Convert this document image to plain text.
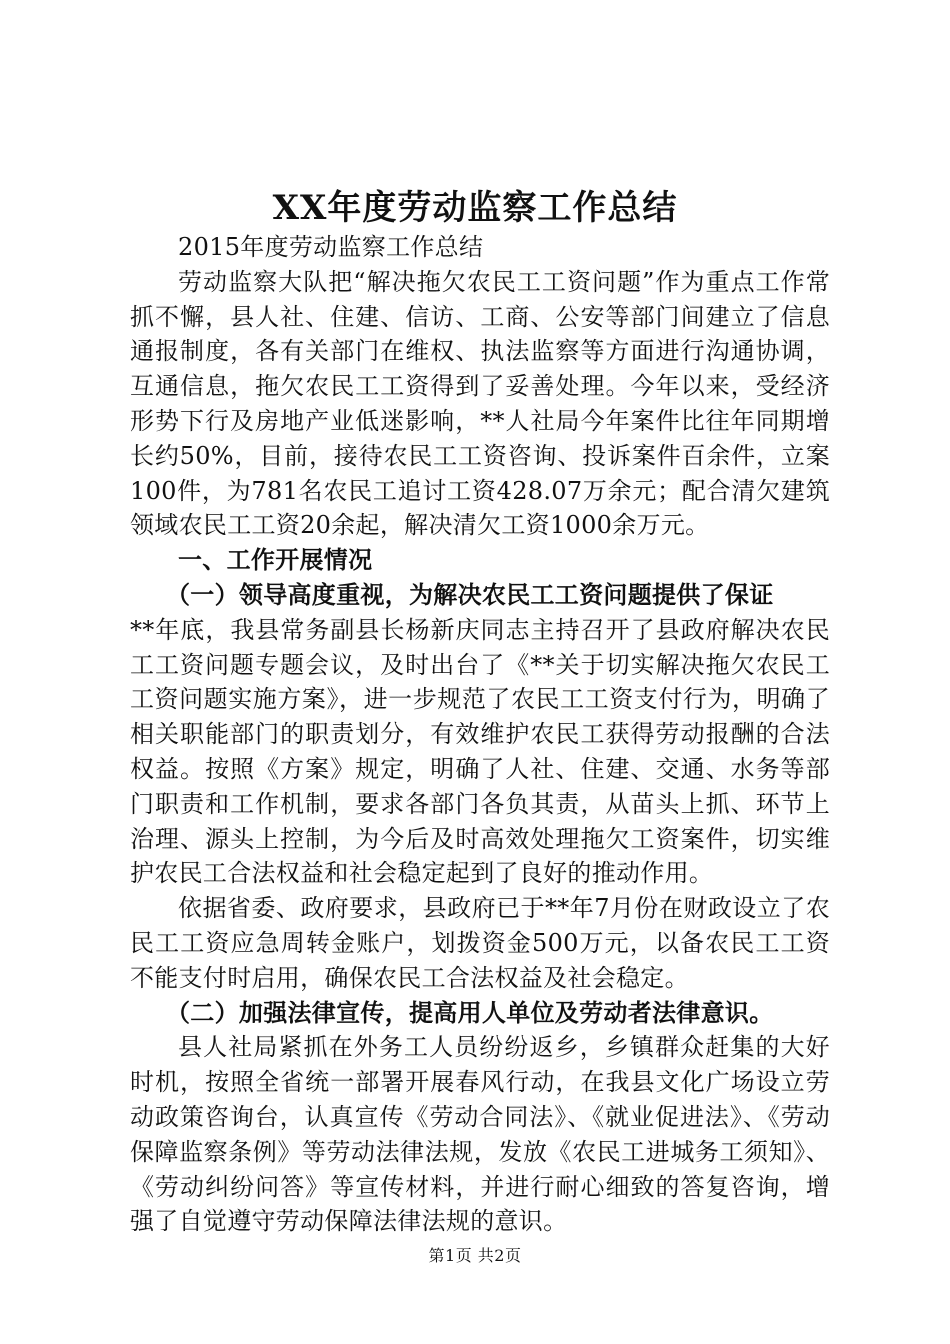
XX年度劳动监察工作总结

2015年度劳动监察工作总结

劳动监察大队把“解决拖欠农民工工资问题”作为重点工作常抓不懈，县人社、住建、信访、工商、公安等部门间建立了信息通报制度，各有关部门在维权、执法监察等方面进行沟通协调，互通信息，拖欠农民工工资得到了妥善处理。今年以来，受经济形势下行及房地产业低迷影响，**人社局今年案件比往年同期增长约50%，目前，接待农民工工资咨询、投诉案件百余件，立案100件，为781名农民工追讨工资428.07万余元；配合清欠建筑领域农民工工资20余起，解决清欠工资1000余万元。

一、工作开展情况

（一）领导高度重视，为解决农民工工资问题提供了保证

**年底，我县常务副县长杨新庆同志主持召开了县政府解决农民工工资问题专题会议，及时出台了《**关于切实解决拖欠农民工工资问题实施方案》，进一步规范了农民工工资支付行为，明确了相关职能部门的职责划分，有效维护农民工获得劳动报酬的合法权益。按照《方案》规定，明确了人社、住建、交通、水务等部门职责和工作机制，要求各部门各负其责，从苗头上抓、环节上治理、源头上控制，为今后及时高效处理拖欠工资案件，切实维护农民工合法权益和社会稳定起到了良好的推动作用。

依据省委、政府要求，县政府已于**年7月份在财政设立了农民工工资应急周转金账户，划拨资金500万元，以备农民工工资不能支付时启用，确保农民工合法权益及社会稳定。

（二）加强法律宣传，提高用人单位及劳动者法律意识。

县人社局紧抓在外务工人员纷纷返乡，乡镇群众赶集的大好时机，按照全省统一部署开展春风行动，在我县文化广场设立劳动政策咨询台，认真宣传《劳动合同法》、《就业促进法》、《劳动保障监察条例》等劳动法律法规，发放《农民工进城务工须知》、《劳动纠纷问答》等宣传材料，并进行耐心细致的答复咨询，增强了自觉遵守劳动保障法律法规的意识。

第1页 共2页
